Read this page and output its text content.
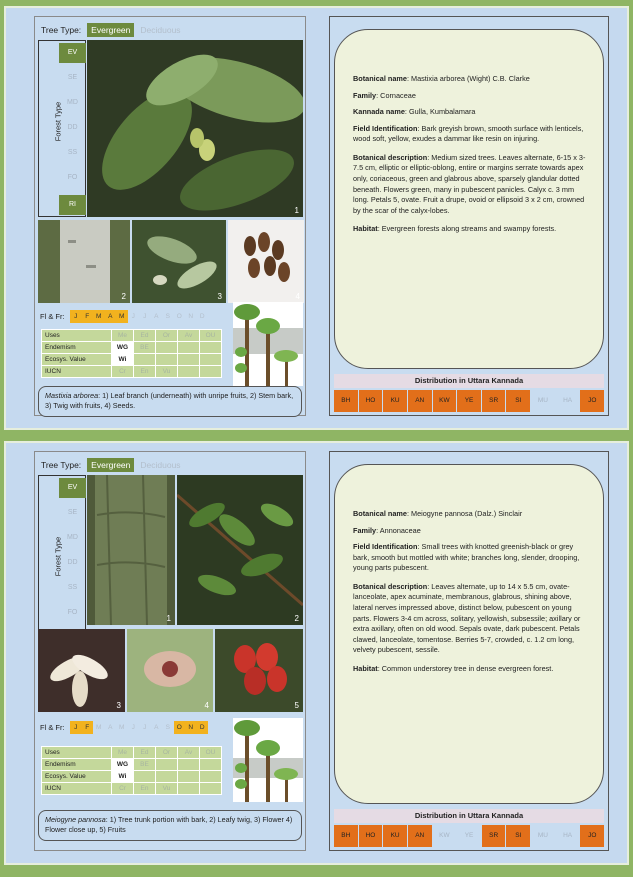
Tree Type:	Evergreen	Deciduous
Forest Type
EV
SE
MD
DD
SS
FO
RI
1
2	3	4
Fl & Fr:	J	F	M	A	M	J	J	A	S	O	N	D
Uses	Me	Ed	Or	Av	OU
Endemism	WG	BE			
Ecosys. Value	Wi				
IUCN	Cr	En	Vu		
Mastixia arborea: 1) Leaf branch (underneath) with unripe fruits, 2) Stem bark, 3) Twig with fruits, 4) Seeds.

Botanical name: Mastixia arborea (Wight) C.B. Clarke

Family: Cornaceae

Kannada name: Gulla, Kumbalamara

Field Identification: Bark greyish brown, smooth surface with lenticels, wood soft, yellow, exudes a dammar like resin on injuring.

Botanical description: Medium sized trees. Leaves alternate, 6-15 x 3-7.5 cm, elliptic or elliptic-oblong, entire or margins serrate towards apex only, coriaceous, green and glabrous above, sparsely glandular dotted beneath. Flowers green, many in pubescent panicles. Calyx c. 3 mm long. Petals 5, ovate. Fruit a drupe, ovoid or ellipsoid 3 x 2 cm, crowned by the scar of the calyx-lobes.

Habitat: Evergreen forests along streams and swampy forests.

Distribution in Uttara Kannada
BH	HO	KU	AN	KW	YE	SR	SI	MU	HA	JO
Tree Type:	Evergreen	Deciduous
Forest Type
EV
SE
MD
DD
SS
FO
1	2
3	4	5
Fl & Fr:	J	F	M	A	M	J	J	A	S	O	N	D
Uses	Me	Ed	Or	Av	OU
Endemism	WG	BE			
Ecosys. Value	Wi				
IUCN	Cr	En	Vu		
Meiogyne pannosa: 1) Tree trunk portion with bark, 2) Leafy twig, 3) Flower 4) Flower close up, 5) Fruits

Botanical name: Meiogyne pannosa (Dalz.) Sinclair

Family: Annonaceae

Field Identification: Small trees with knotted greenish-black or grey bark, smooth but mottled with white; branches long, slender, drooping, young parts pubescent.

Botanical description: Leaves alternate, up to 14 x 5.5 cm, ovate-lanceolate, apex acuminate, membranous, glabrous, shining above, lateral nerves impressed above, distinct below, pubescent on young parts. Flowers 3-4 cm across, solitary, yellowish, subsessile; axillary or extra axillary, often on old wood. Sepals ovate, dark pubescent. Petals clawed, lanceolate, tomentose. Berries 5-7, crowded, c. 1.2 cm long, velvety pubescent, sessile.

Habitat: Common understorey tree in dense evergreen forest.

Distribution in Uttara Kannada
BH	HO	KU	AN	KW	YE	SR	SI	MU	HA	JO
